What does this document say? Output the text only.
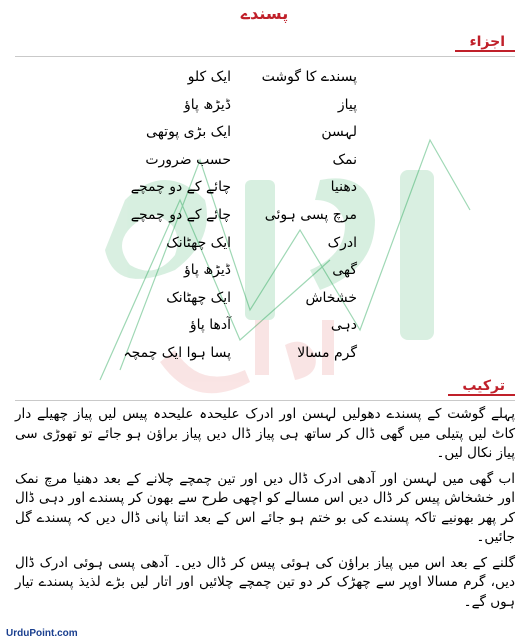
پسندے
اجزاء
پسندے کا گوشت
ایک کلو
پیاز
ڈیڑھ پاؤ
لہسن
ایک بڑی پوتھی
نمک
حسب ضرورت
دھنیا
چائے کے دو چمچے
مرچ پسی ہوئی
چائے کے دو چمچے
ادرک
ایک چھٹانک
گھی
ڈیڑھ پاؤ
خشخاش
ایک چھٹانک
دہی
آدھا پاؤ
گرم مسالا
پسا ہوا ایک چمچہ
ترکیب

پہلے گوشت کے پسندے دھولیں لہسن اور ادرک علیحدہ علیحدہ پیس لیں پیاز چھیلے دار کاٹ لیں پتیلی میں گھی ڈال کر ساتھ ہی پیاز ڈال دیں پیاز براؤن ہو جائے تو تھوڑی سی پیاز نکال لیں۔

اب گھی میں لہسن اور آدھی ادرک ڈال دیں اور تین چمچے چلانے کے بعد دھنیا مرچ نمک اور خشخاش پیس کر ڈال دیں اس مسالے کو اچھی طرح سے بھون کر پسندے اور دہی ڈال کر پھر بھونیے تاکہ پسندے کی بو ختم ہو جائے اس کے بعد اتنا پانی ڈال دیں کہ پسندے گل جائیں۔

گلنے کے بعد اس میں پیاز براؤن کی ہوئی پیس کر ڈال دیں۔ آدھی پسی ہوئی ادرک ڈال دیں، گرم مسالا اوپر سے چھڑک کر دو تین چمچے چلائیں اور اتار لیں بڑے لذیذ پسندے تیار ہوں گے۔

UrduPoint.com
